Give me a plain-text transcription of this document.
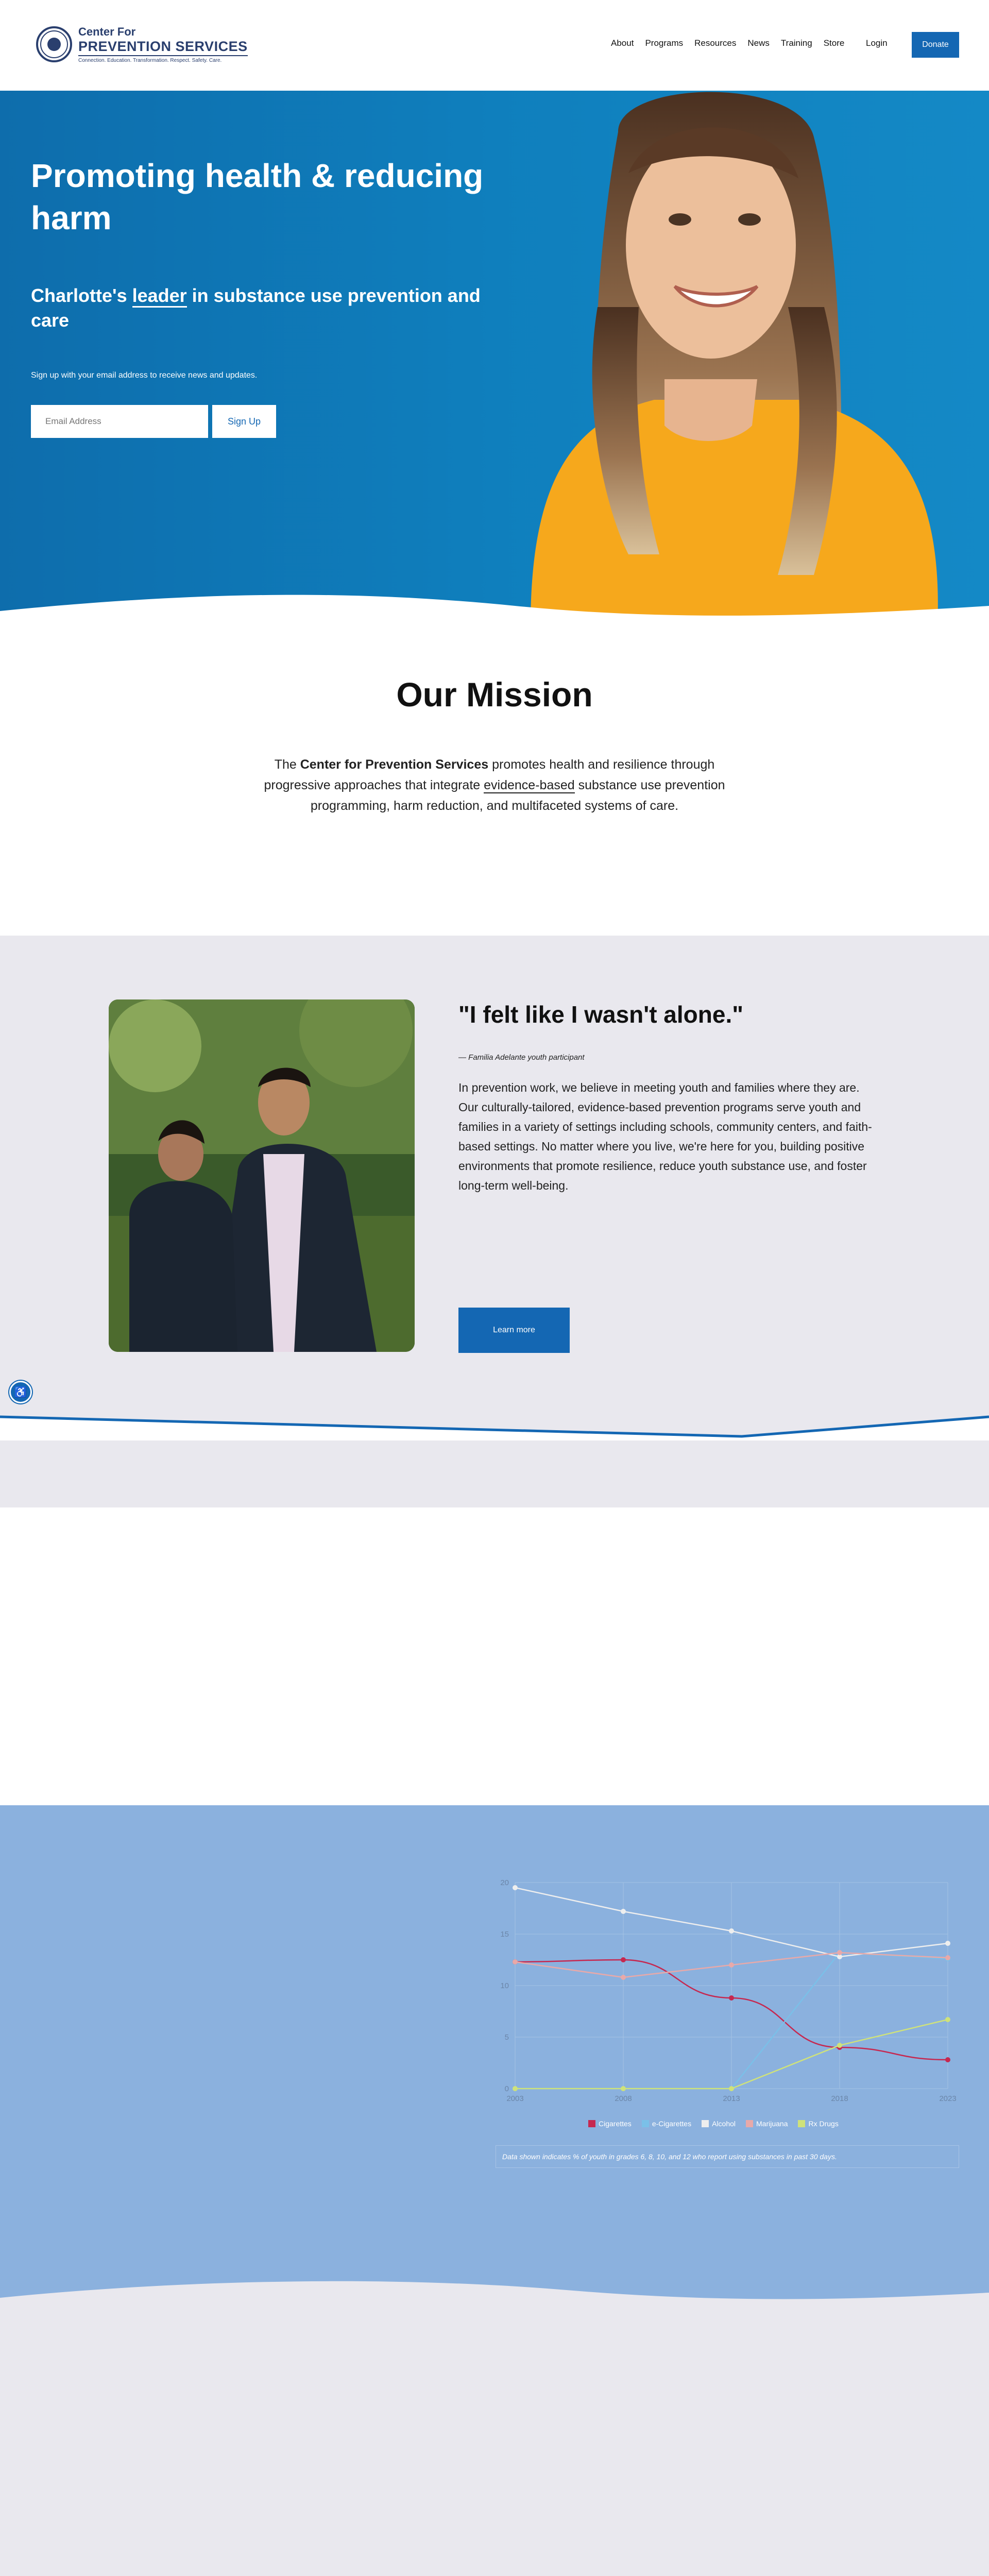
Center For
PREVENTION SERVICES
Connection. Education. Transformation. Respect. Safety. Care.
About Programs Resources News Training Store Login	Donate
Promoting health & reducing harm
Charlotte's leader in substance use prevention and care
Sign up with your email address to receive news and updates.
Email Address
Sign Up
Our Mission

The Center for Prevention Services promotes health and resilience through progressive approaches that integrate evidence-based substance use prevention programming, harm reduction, and multifaceted systems of care.

"I felt like I wasn't alone."
— Familia Adelante youth participant
In prevention work, we believe in meeting youth and families where they are. Our culturally-tailored, evidence-based prevention programs serve youth and families in a variety of settings including schools, community centers, and faith-based settings. No matter where you live, we're here for you, building positive environments that promote resilience, reduce youth substance use, and foster long-term well-being.
Learn more
♿
0
5
10
15
20
2003	2008	2013	2018	2023
Cigarettes	e-Cigarettes	Alcohol	Marijuana	Rx Drugs
Data shown indicates % of youth in grades 6, 8, 10, and 12 who report using substances in past 30 days.
